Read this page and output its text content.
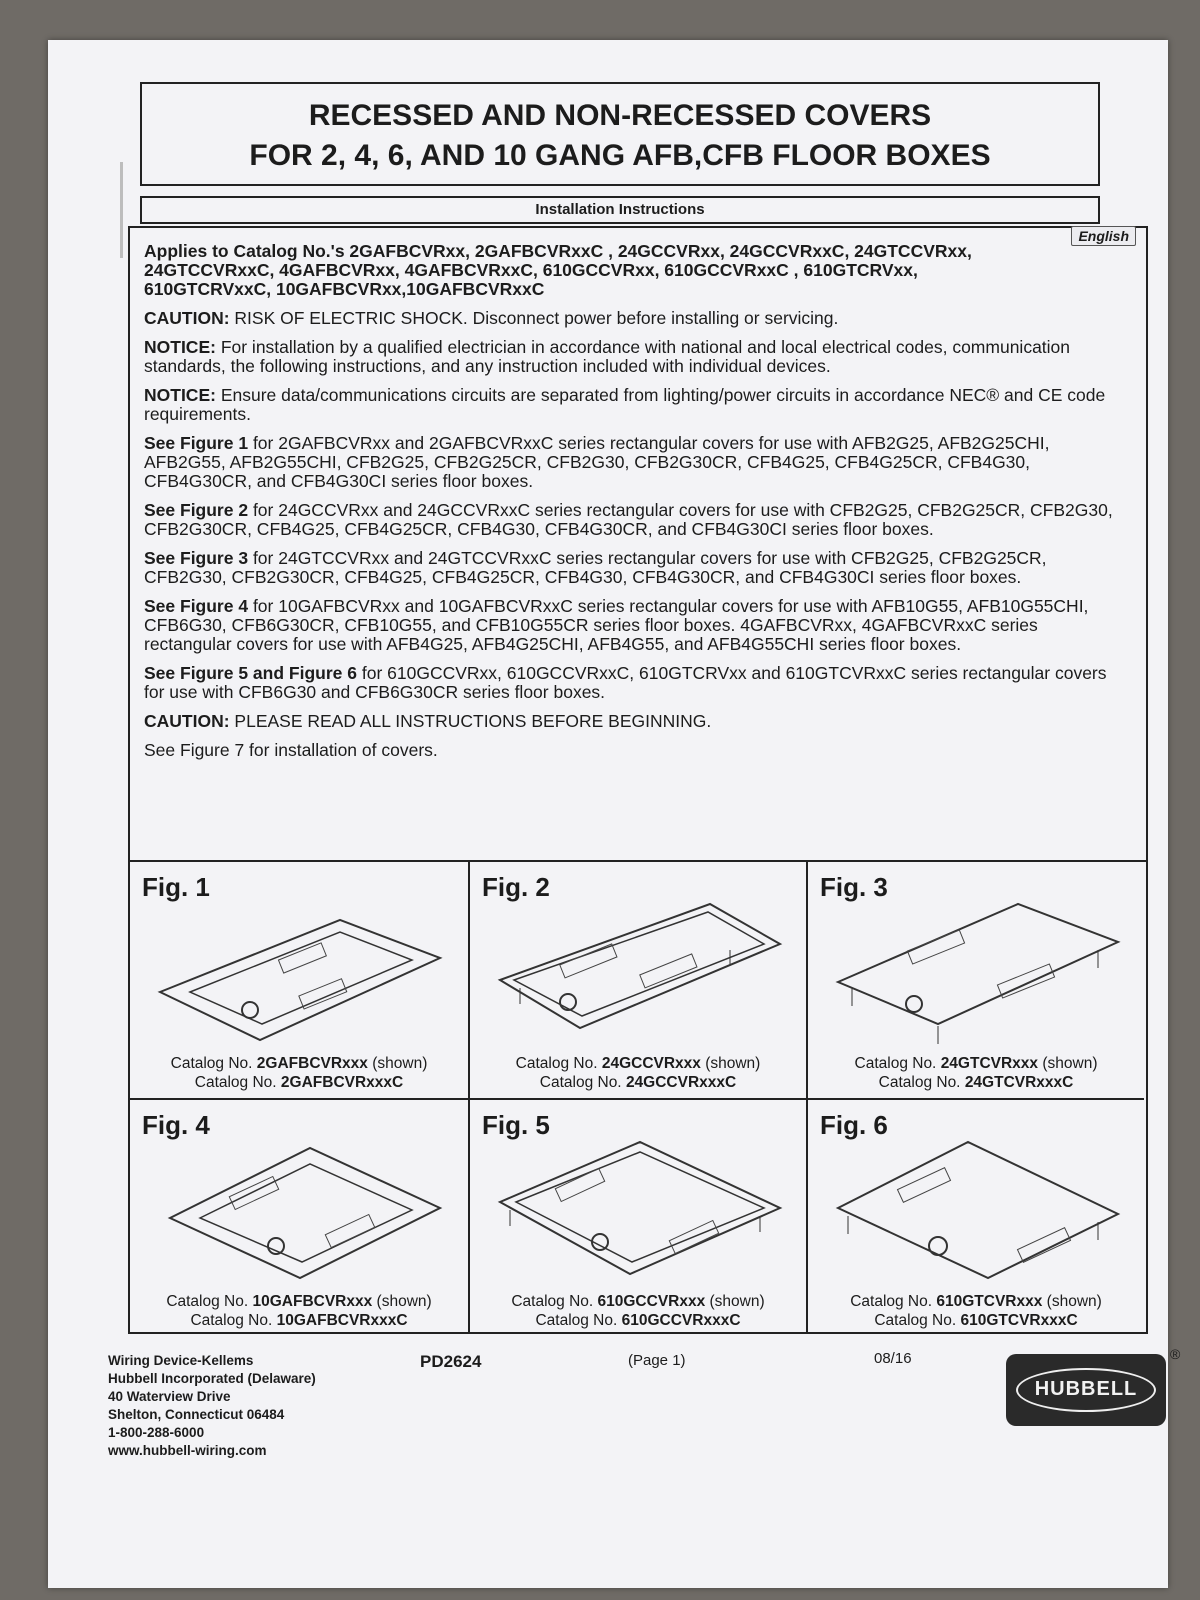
RECESSED AND NON-RECESSED COVERS
FOR 2, 4, 6, AND 10 GANG AFB,CFB FLOOR BOXES
Installation Instructions
English

Applies to Catalog No.'s 2GAFBCVRxx, 2GAFBCVRxxC , 24GCCVRxx, 24GCCVRxxC, 24GTCCVRxx, 24GTCCVRxxC, 4GAFBCVRxx, 4GAFBCVRxxC, 610GCCVRxx, 610GCCVRxxC , 610GTCRVxx, 610GTCRVxxC, 10GAFBCVRxx,10GAFBCVRxxC

CAUTION: RISK OF ELECTRIC SHOCK. Disconnect power before installing or servicing.

NOTICE: For installation by a qualified electrician in accordance with national and local electrical codes, communication standards, the following instructions, and any instruction included with individual devices.

NOTICE: Ensure data/communications circuits are separated from lighting/power circuits in accordance NEC® and CE code requirements.

See Figure 1 for 2GAFBCVRxx and 2GAFBCVRxxC series rectangular covers for use with AFB2G25, AFB2G25CHI, AFB2G55, AFB2G55CHI, CFB2G25, CFB2G25CR, CFB2G30, CFB2G30CR, CFB4G25, CFB4G25CR, CFB4G30, CFB4G30CR, and CFB4G30CI series floor boxes.

See Figure 2 for 24GCCVRxx and 24GCCVRxxC series rectangular covers for use with CFB2G25, CFB2G25CR, CFB2G30, CFB2G30CR, CFB4G25, CFB4G25CR, CFB4G30, CFB4G30CR, and CFB4G30CI series floor boxes.

See Figure 3 for 24GTCCVRxx and 24GTCCVRxxC series rectangular covers for use with CFB2G25, CFB2G25CR, CFB2G30, CFB2G30CR, CFB4G25, CFB4G25CR, CFB4G30, CFB4G30CR, and CFB4G30CI series floor boxes.

See Figure 4 for 10GAFBCVRxx and 10GAFBCVRxxC series rectangular covers for use with AFB10G55, AFB10G55CHI, CFB6G30, CFB6G30CR, CFB10G55, and CFB10G55CR series floor boxes. 4GAFBCVRxx, 4GAFBCVRxxC series rectangular covers for use with AFB4G25, AFB4G25CHI, AFB4G55, and AFB4G55CHI series floor boxes.

See Figure 5 and Figure 6 for 610GCCVRxx, 610GCCVRxxC, 610GTCRVxx and 610GTCVRxxC series rectangular covers for use with CFB6G30 and CFB6G30CR series floor boxes.

CAUTION: PLEASE READ ALL INSTRUCTIONS BEFORE BEGINNING.

See Figure 7 for installation of covers.

Fig. 1
Catalog No. 2GAFBCVRxxx (shown)
Catalog No. 2GAFBCVRxxxC
Fig. 2
Catalog No. 24GCCVRxxx (shown)
Catalog No. 24GCCVRxxxC
Fig. 3
Catalog No. 24GTCVRxxx (shown)
Catalog No. 24GTCVRxxxC
Fig. 4
Catalog No. 10GAFBCVRxxx (shown)
Catalog No. 10GAFBCVRxxxC
Fig. 5
Catalog No. 610GCCVRxxx (shown)
Catalog No. 610GCCVRxxxC
Fig. 6
Catalog No. 610GTCVRxxx (shown)
Catalog No. 610GTCVRxxxC
Wiring Device-Kellems
Hubbell Incorporated (Delaware)
40 Waterview Drive
Shelton, Connecticut 06484
1-800-288-6000
www.hubbell-wiring.com
PD2624	(Page 1)	08/16
HUBBELL
®
